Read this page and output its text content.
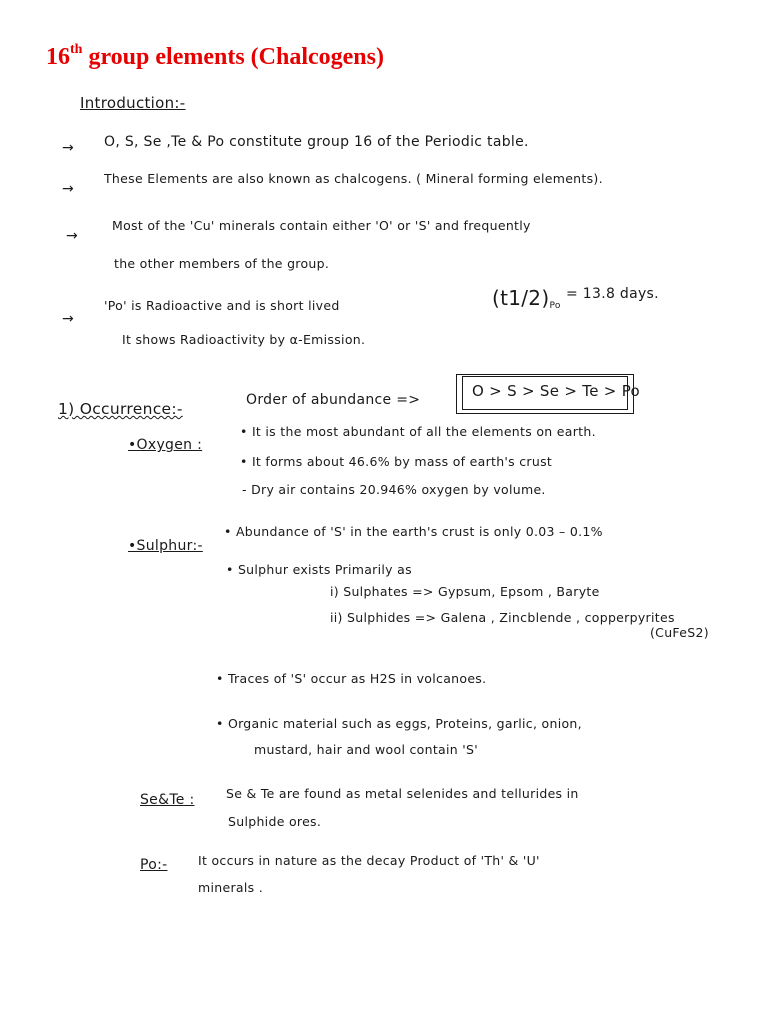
16th group elements (Chalcogens)
Introduction:-
→ O, S, Se ,Te & Po constitute group 16 of the Periodic table.
→
These Elements are also known as chalcogens. ( Mineral forming elements).
→
Most of the 'Cu' minerals contain either 'O' or 'S' and frequently
the other members of the group.
→
'Po' is Radioactive and is short lived	$(t1/2)_{Po}$
= 13.8 days.
It shows Radioactivity by α-Emission.
1) Occurrence:-	Order of abundance =>	O > S > Se > Te > Po
•Oxygen :
• It is the most abundant of all the elements on earth.
• It forms about 46.6% by mass of earth's crust
- Dry air contains 20.946% oxygen by volume.
•Sulphur:-
• Abundance of 'S' in the earth's crust is only 0.03 – 0.1%
• Sulphur exists Primarily as
i) Sulphates => Gypsum, Epsom , Baryte
ii) Sulphides => Galena , Zincblende , copperpyrites
(CuFeS2)
• Traces of 'S' occur as H2S in volcanoes.
• Organic material such as eggs, Proteins, garlic, onion,
mustard, hair and wool contain 'S'
Se&Te :	Se & Te are found as metal selenides and tellurides in
Sulphide ores.
Po:- It occurs in nature as the decay Product of 'Th' & 'U'
minerals .
